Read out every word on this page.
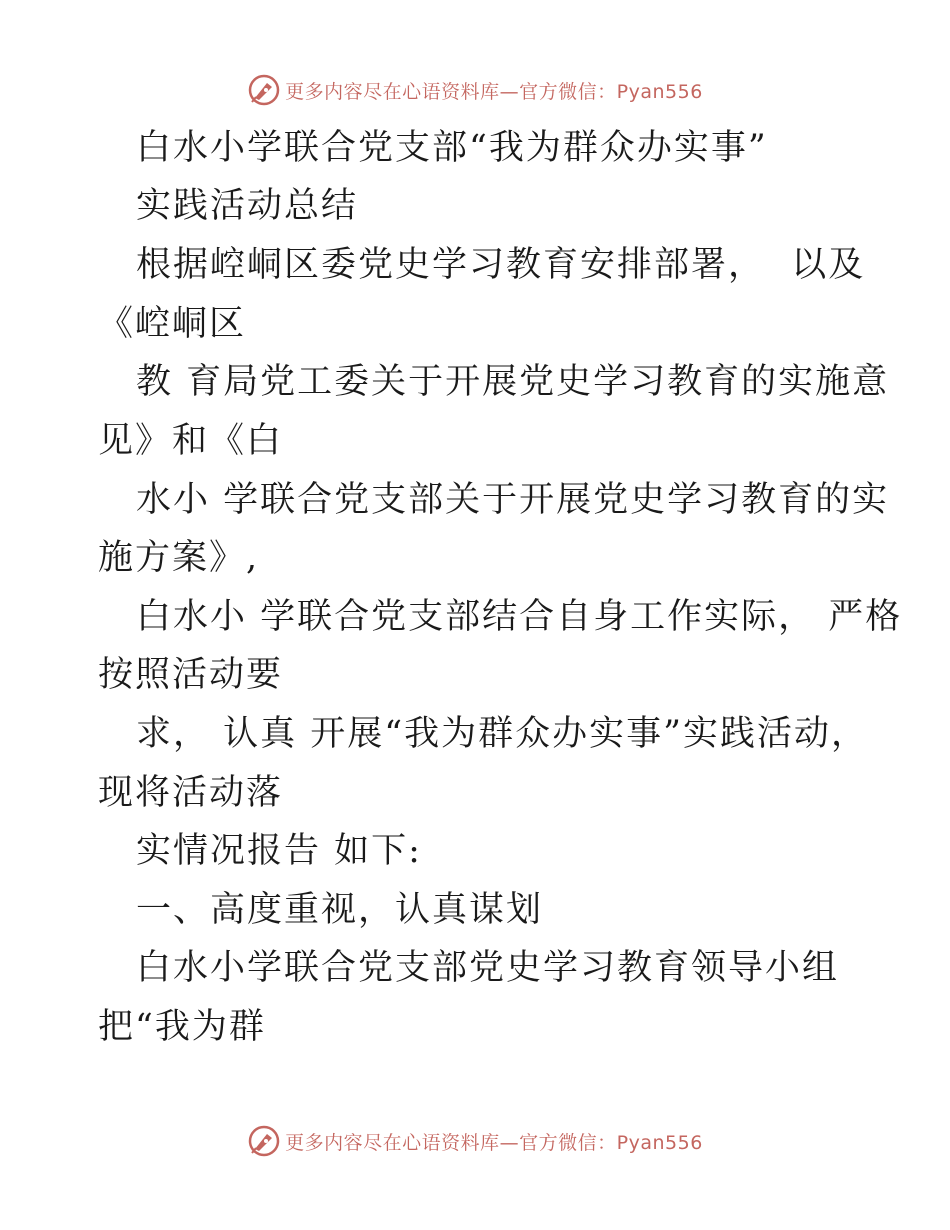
更多内容尽在心语资料库—官方微信：Pyan556
白水小学联合党支部“我为群众办实事”
实践活动总结
根据崆峒区委党史学习教育安排部署，  以及
《崆峒区
教 育局党工委关于开展党史学习教育的实施意
见》和《白
水小 学联合党支部关于开展党史学习教育的实
施方案》,
白水小 学联合党支部结合自身工作实际， 严格
按照活动要
求， 认真 开展“我为群众办实事”实践活动，
现将活动落
实情况报告 如下:
一、高度重视，认真谋划
白水小学联合党支部党史学习教育领导小组
把“我为群
更多内容尽在心语资料库—官方微信：Pyan556
